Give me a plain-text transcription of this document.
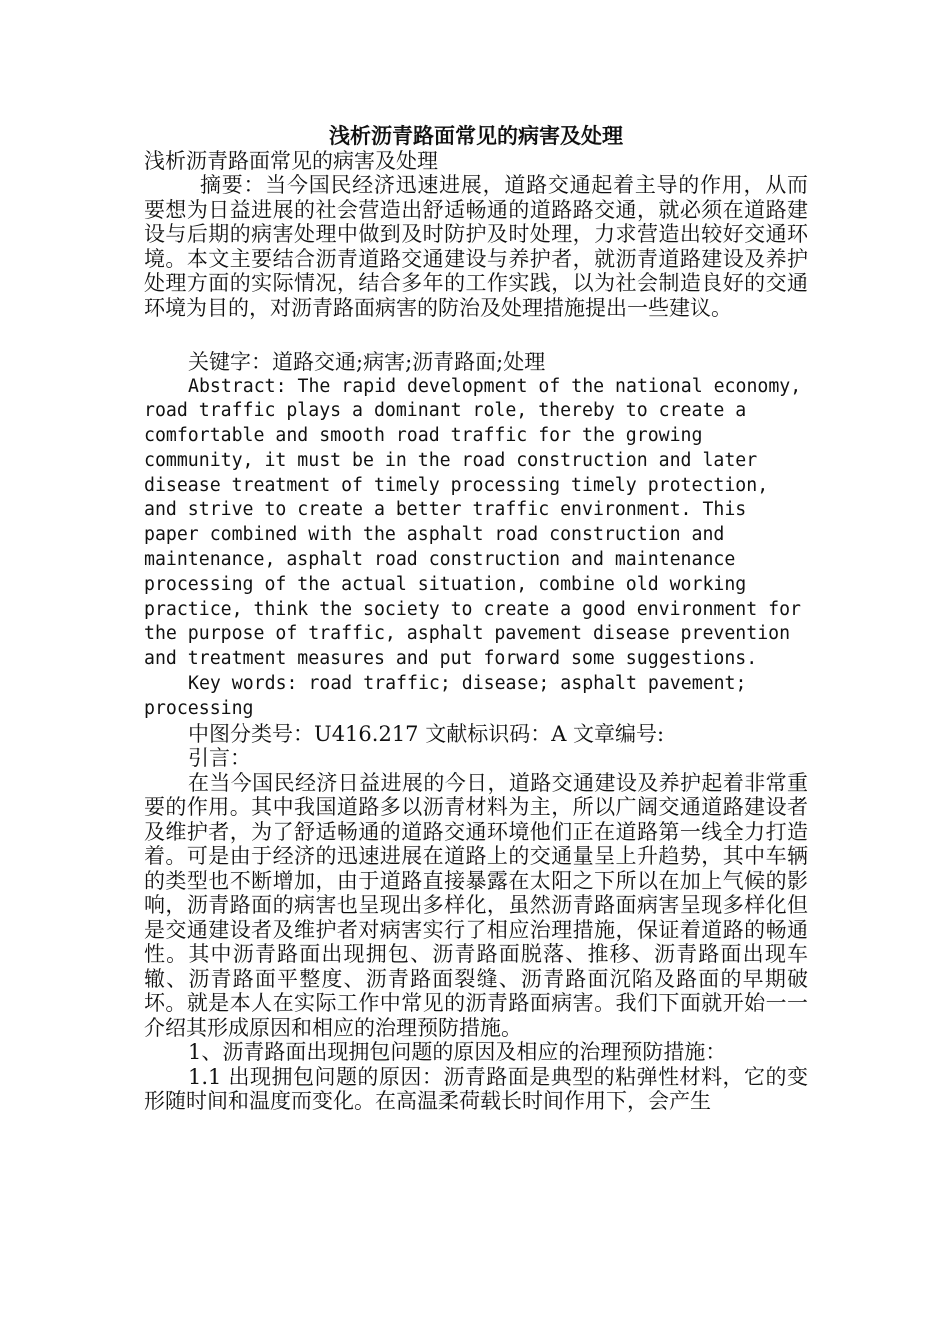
浅析沥青路面常见的病害及处理

浅析沥青路面常见的病害及处理

摘要：当今国民经济迅速进展，道路交通起着主导的作用，从而要想为日益进展的社会营造出舒适畅通的道路路交通，就必须在道路建设与后期的病害处理中做到及时防护及时处理，力求营造出较好交通环境。本文主要结合沥青道路交通建设与养护者，就沥青道路建设及养护处理方面的实际情况，结合多年的工作实践，以为社会制造良好的交通环境为目的，对沥青路面病害的防治及处理措施提出一些建议。

关键字：道路交通;病害;沥青路面;处理

Abstract: The rapid development of the national economy, road traffic plays a dominant role, thereby to create a comfortable and smooth road traffic for the growing community, it must be in the road construction and later disease treatment of timely processing timely protection, and strive to create a better traffic environment. This paper combined with the asphalt road construction and maintenance, asphalt road construction and maintenance processing of the actual situation, combine old working practice, think the society to create a good environment for the purpose of traffic, asphalt pavement disease prevention and treatment measures and put forward some suggestions.

Key words: road traffic; disease; asphalt pavement; processing

中图分类号：U416.217 文献标识码：A 文章编号:

引言：

在当今国民经济日益进展的今日，道路交通建设及养护起着非常重要的作用。其中我国道路多以沥青材料为主，所以广阔交通道路建设者及维护者，为了舒适畅通的道路交通环境他们正在道路第一线全力打造着。可是由于经济的迅速进展在道路上的交通量呈上升趋势，其中车辆的类型也不断增加，由于道路直接暴露在太阳之下所以在加上气候的影响，沥青路面的病害也呈现出多样化，虽然沥青路面病害呈现多样化但是交通建设者及维护者对病害实行了相应治理措施，保证着道路的畅通性。其中沥青路面出现拥包、沥青路面脱落、推移、沥青路面出现车辙、沥青路面平整度、沥青路面裂缝、沥青路面沉陷及路面的早期破坏。就是本人在实际工作中常见的沥青路面病害。我们下面就开始一一介绍其形成原因和相应的治理预防措施。

1、沥青路面出现拥包问题的原因及相应的治理预防措施：

1.1 出现拥包问题的原因：沥青路面是典型的粘弹性材料，它的变形随时间和温度而变化。在高温柔荷载长时间作用下，会产生
